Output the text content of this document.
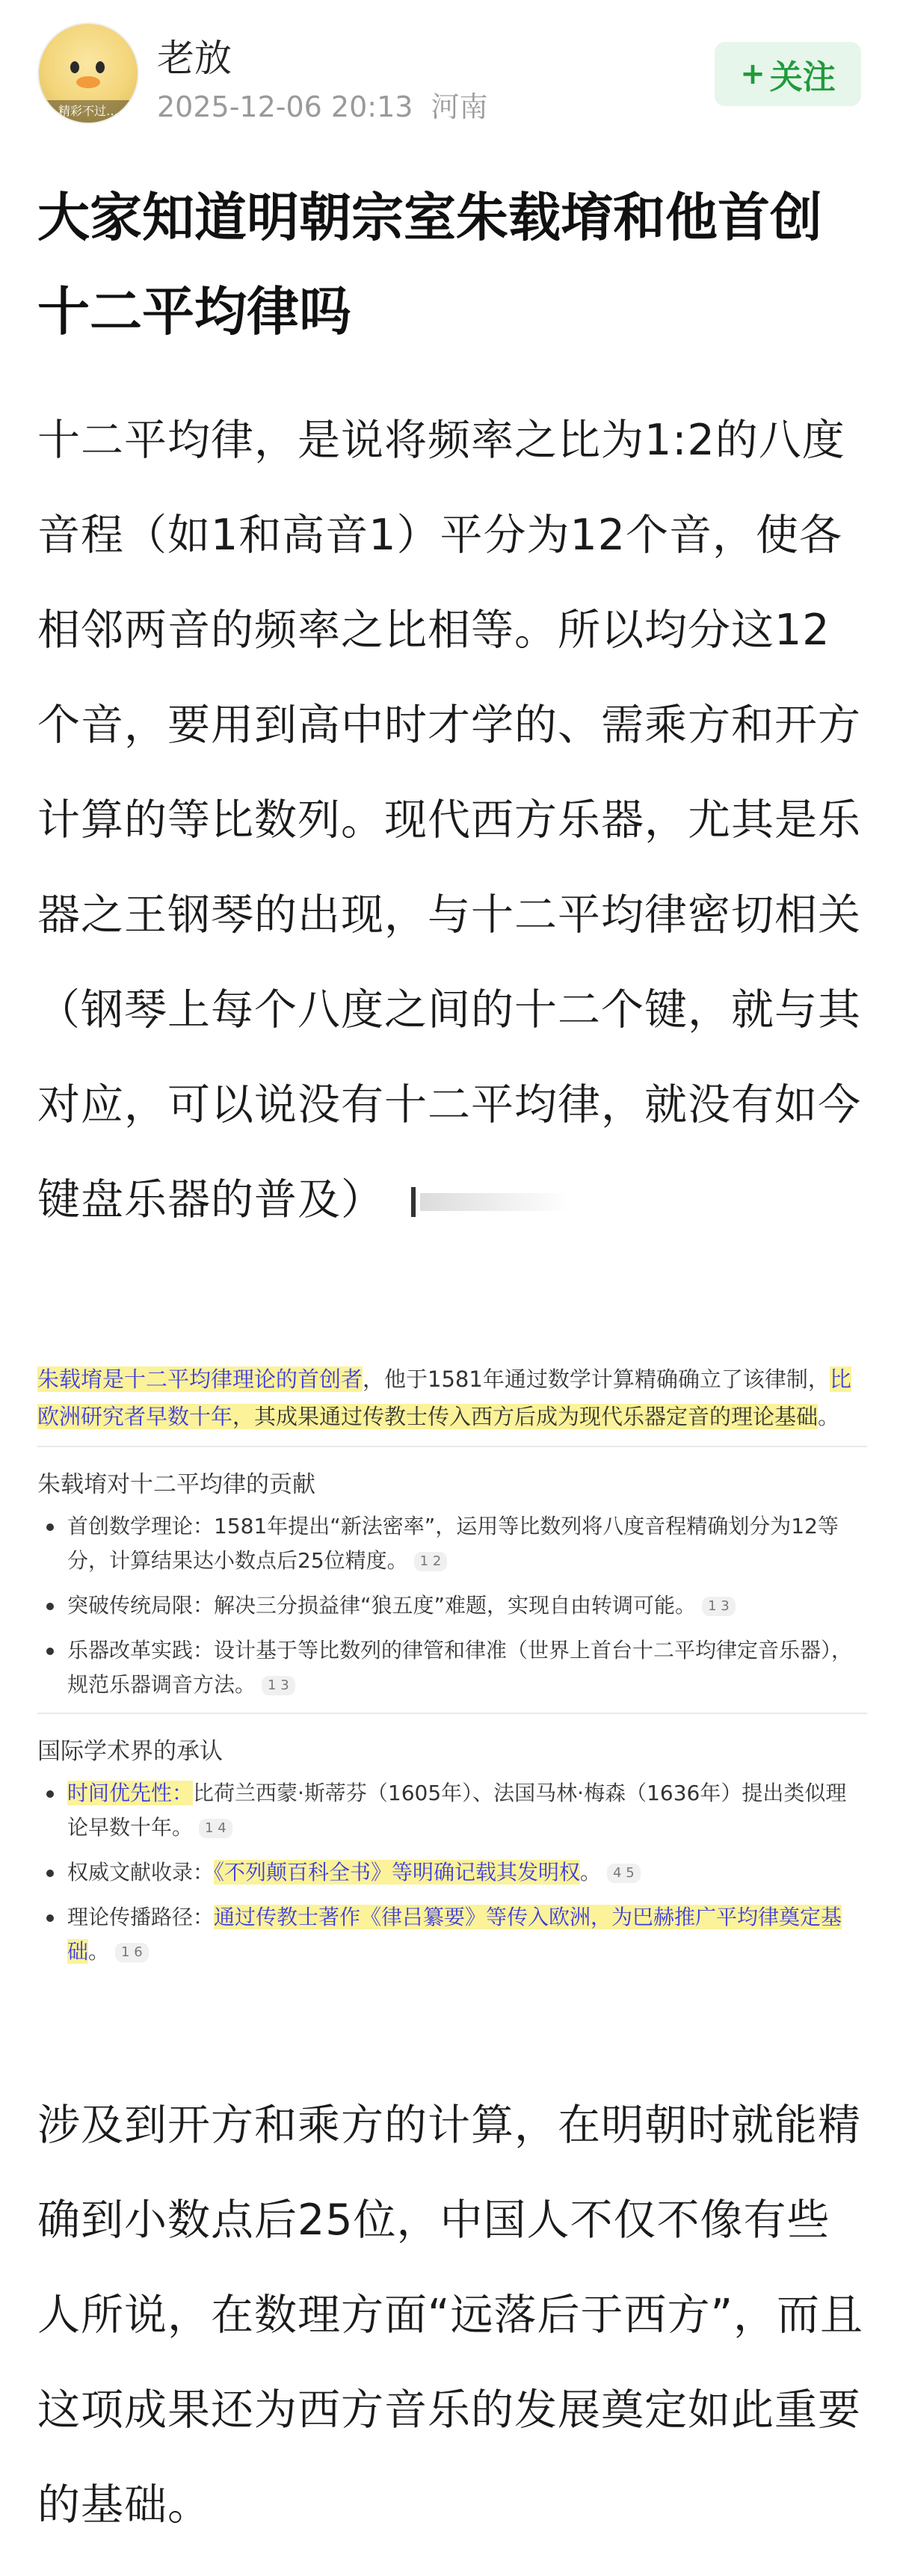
精彩不过…
老放
2025-12-06 20:13 河南
+ 关注
大家知道明朝宗室朱载堉和他首创十二平均律吗
十二平均律，是说将频率之比为1:2的八度音程（如1和高音1）平分为12个音，使各相邻两音的频率之比相等。所以均分这12个音，要用到高中时才学的、需乘方和开方计算的等比数列。现代西方乐器，尤其是乐器之王钢琴的出现，与十二平均律密切相关（钢琴上每个八度之间的十二个键，就与其对应，可以说没有十二平均律，就没有如今键盘乐器的普及）

朱载堉是十二平均律理论的首创者，他于1581年通过数学计算精确确立了该律制，比欧洲研究者早数十年，其成果通过传教士传入西方后成为现代乐器定音的理论基础。

朱载堉对十二平均律的贡献
首创数学理论：1581年提出“新法密率”，运用等比数列将八度音程精确划分为12等分，计算结果达小数点后25位精度。 1 2
突破传统局限：解决三分损益律“狼五度”难题，实现自由转调可能。 1 3
乐器改革实践：设计基于等比数列的律管和律准（世界上首台十二平均律定音乐器），规范乐器调音方法。 1 3
国际学术界的承认
时间优先性：比荷兰西蒙·斯蒂芬（1605年）、法国马林·梅森（1636年）提出类似理论早数十年。 1 4
权威文献收录：《不列颠百科全书》等明确记载其发明权。 4 5
理论传播路径：通过传教士著作《律吕纂要》等传入欧洲，为巴赫推广平均律奠定基础。 1 6
涉及到开方和乘方的计算，在明朝时就能精确到小数点后25位，中国人不仅不像有些人所说，在数理方面“远落后于西方”，而且这项成果还为西方音乐的发展奠定如此重要的基础。
